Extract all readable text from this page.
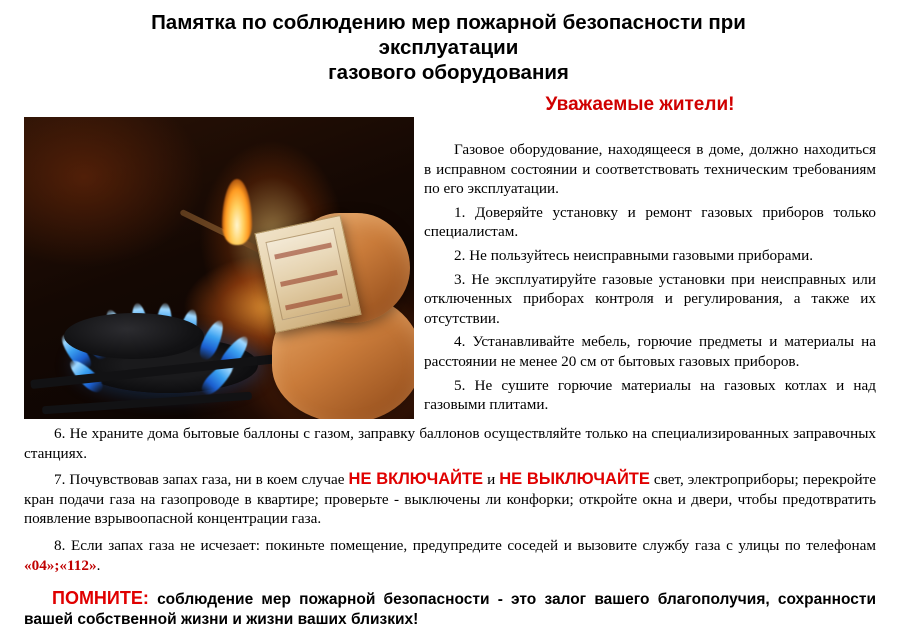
Памятка по соблюдению мер пожарной безопасности при эксплуатации
газового оборудования
Уважаемые жители!

Газовое оборудование, находящееся в доме, должно находиться в исправном состоянии и соответствовать техническим требованиям по его эксплуатации.

1. Доверяйте установку и ремонт газовых приборов только специалистам.

2. Не пользуйтесь неисправными газовыми приборами.

3. Не эксплуатируйте газовые установки при неисправных или отключенных приборах контроля и регулирования, а также их отсутствии.

4. Устанавливайте мебель, горючие предметы и материалы на расстоянии не менее 20 см от бытовых газовых приборов.

5. Не сушите горючие материалы на газовых котлах и над газовыми плитами.

6. Не храните дома бытовые баллоны с газом, заправку баллонов осуществляйте только на специализированных заправочных станциях.

7. Почувствовав запах газа, ни в коем случае НЕ ВКЛЮЧАЙТЕ и НЕ ВЫКЛЮЧАЙТЕ свет, электроприборы; перекройте кран подачи газа на газопроводе в квартире; проверьте - выключены ли конфорки; откройте окна и двери, чтобы предотвратить появление взрывоопасной концентрации газа.

8. Если запах газа не исчезает: покиньте помещение, предупредите соседей и вызовите службу газа с улицы по телефонам «04»;«112».

ПОМНИТЕ: соблюдение мер пожарной безопасности - это залог вашего благополучия, сохранности вашей собственной жизни и жизни ваших близких!
